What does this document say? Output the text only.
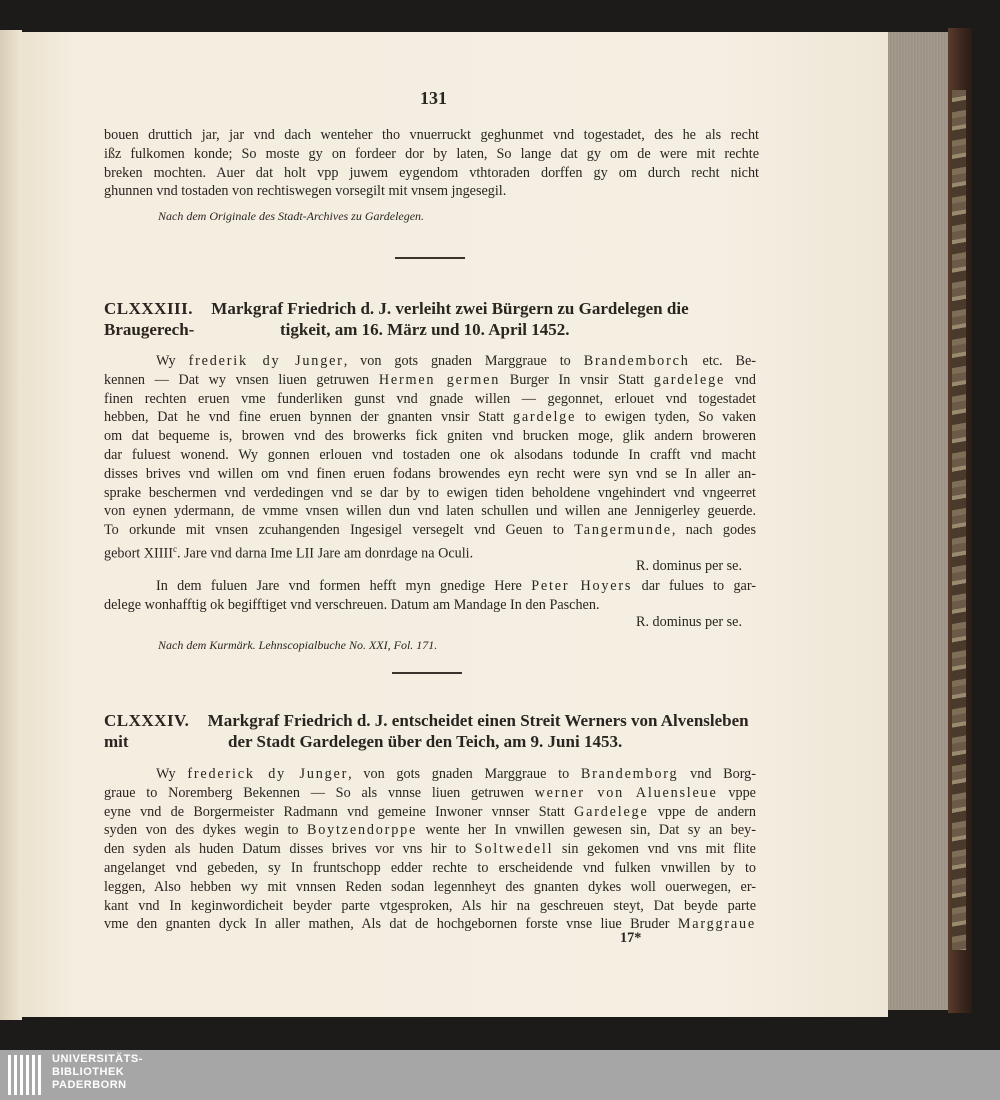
131
bouen druttich jar, jar vnd dach wenteher tho vnuerruckt geghunmet vnd togestadet, des he als recht
ißz fulkomen konde; So moste gy on fordeer dor by laten, So lange dat gy om de were mit rechte
breken mochten. Auer dat holt vpp juwem eygendom vthtoraden dorffen gy om durch recht nicht
ghunnen vnd tostaden von rechtiswegen vorsegilt mit vnsem jngesegil.
Nach dem Originale des Stadt-Archives zu Gardelegen.
CLXXXIII. Markgraf Friedrich d. J. verleiht zwei Bürgern zu Gardelegen die Braugerech-	tigkeit, am 16. März und 10. April 1452.
Wy frederik dy Junger, von gots gnaden Marggraue to Brandemborch etc. Be-
kennen — Dat wy vnsen liuen getruwen Hermen germen Burger In vnsir Statt gardelege vnd
finen rechten eruen vme funderliken gunst vnd gnade willen — gegonnet, erlouet vnd togestadet
hebben, Dat he vnd fine eruen bynnen der gnanten vnsir Statt gardelge to ewigen tyden, So vaken
om dat bequeme is, browen vnd des browerks fick gniten vnd brucken moge, glik andern broweren
dar fuluest wonend. Wy gonnen erlouen vnd tostaden one ok alsodans todunde In crafft vnd macht
disses brives vnd willen om vnd finen eruen fodans browendes eyn recht were syn vnd se In aller an-
sprake beschermen vnd verdedingen vnd se dar by to ewigen tiden beholdene vngehindert vnd vngeerret
von eynen ydermann, de vmme vnsen willen dun vnd laten schullen und willen ane Jennigerley geuerde.
To orkunde mit vnsen zcuhangenden Ingesigel versegelt vnd Geuen to Tangermunde, nach godes
gebort XIIII$^c$. Jare vnd darna Ime LII Jare am donrdage na Oculi.
R. dominus per se.
In dem fuluen Jare vnd formen hefft myn gnedige Here Peter Hoyers dar fulues to gar-
delege wonhafftig ok begifftiget vnd verschreuen. Datum am Mandage In den Paschen.
R. dominus per se.
Nach dem Kurmärk. Lehnscopialbuche No. XXI, Fol. 171.
CLXXXIV. Markgraf Friedrich d. J. entscheidet einen Streit Werners von Alvensleben mit	der Stadt Gardelegen über den Teich, am 9. Juni 1453.
Wy frederick dy Junger, von gots gnaden Marggraue to Brandemborg vnd Borg-
graue to Noremberg Bekennen — So als vnnse liuen getruwen werner von Aluensleue vppe
eyne vnd de Borgermeister Radmann vnd gemeine Inwoner vnnser Statt Gardelege vppe de andern
syden von des dykes wegin to Boytzendorppe wente her In vnwillen gewesen sin, Dat sy an bey-
den syden als huden Datum disses brives vor vns hir to Soltwedell sin gekomen vnd vns mit flite
angelanget vnd gebeden, sy In fruntschopp edder rechte to erscheidende vnd fulken vnwillen by to
leggen, Also hebben wy mit vnnsen Reden sodan legennheyt des gnanten dykes woll ouerwegen, er-
kant vnd In keginwordicheit beyder parte vtgesproken, Als hir na geschreuen steyt, Dat beyde parte
vme den gnanten dyck In aller mathen, Als dat de hochgebornen forste vnse liue Bruder Marggraue
17*
UNIVERSITÄTS-
BIBLIOTHEK
PADERBORN
